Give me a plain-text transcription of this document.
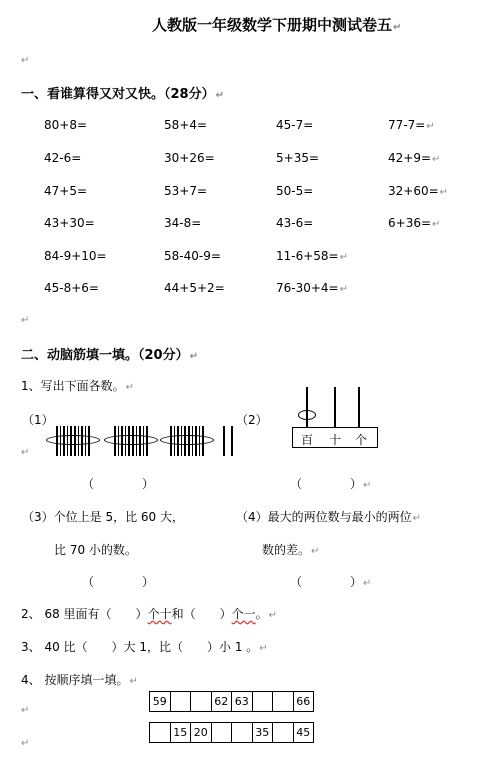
人教版一年级数学下册期中测试卷五↵
↵
一、看谁算得又对又快。（28分）↵
80+8=	58+4=	45-7=	77-7=↵
42-6=	30+26=	5+35=	42+9=↵
47+5=	53+7=	50-5=	32+60=↵
43+30=	34-8=	43-6=	6+36=↵
84-9+10=	58-40-9=	11-6+58=↵
45-8+6=	44+5+2=	76-30+4=↵
↵
二、动脑筋填一填。（20分）↵
1、写出下面各数。↵
（1）
↵
（2）
百 十 个
（　　　　）	（　　　　）↵
（3）个位上是 5，比 60 大，	（4）最大的两位数与最小的两位↵
比 70 小的数。	数的差。↵
（　　　　）	（　　　　）↵
2、 68 里面有（　　）个十和（　　）个一。↵
3、 40 比（　　）大 1，比（　　）小 1 。↵
4、 按顺序填一填。↵
↵
59			62	63			66
	15	20			35		45
↵
